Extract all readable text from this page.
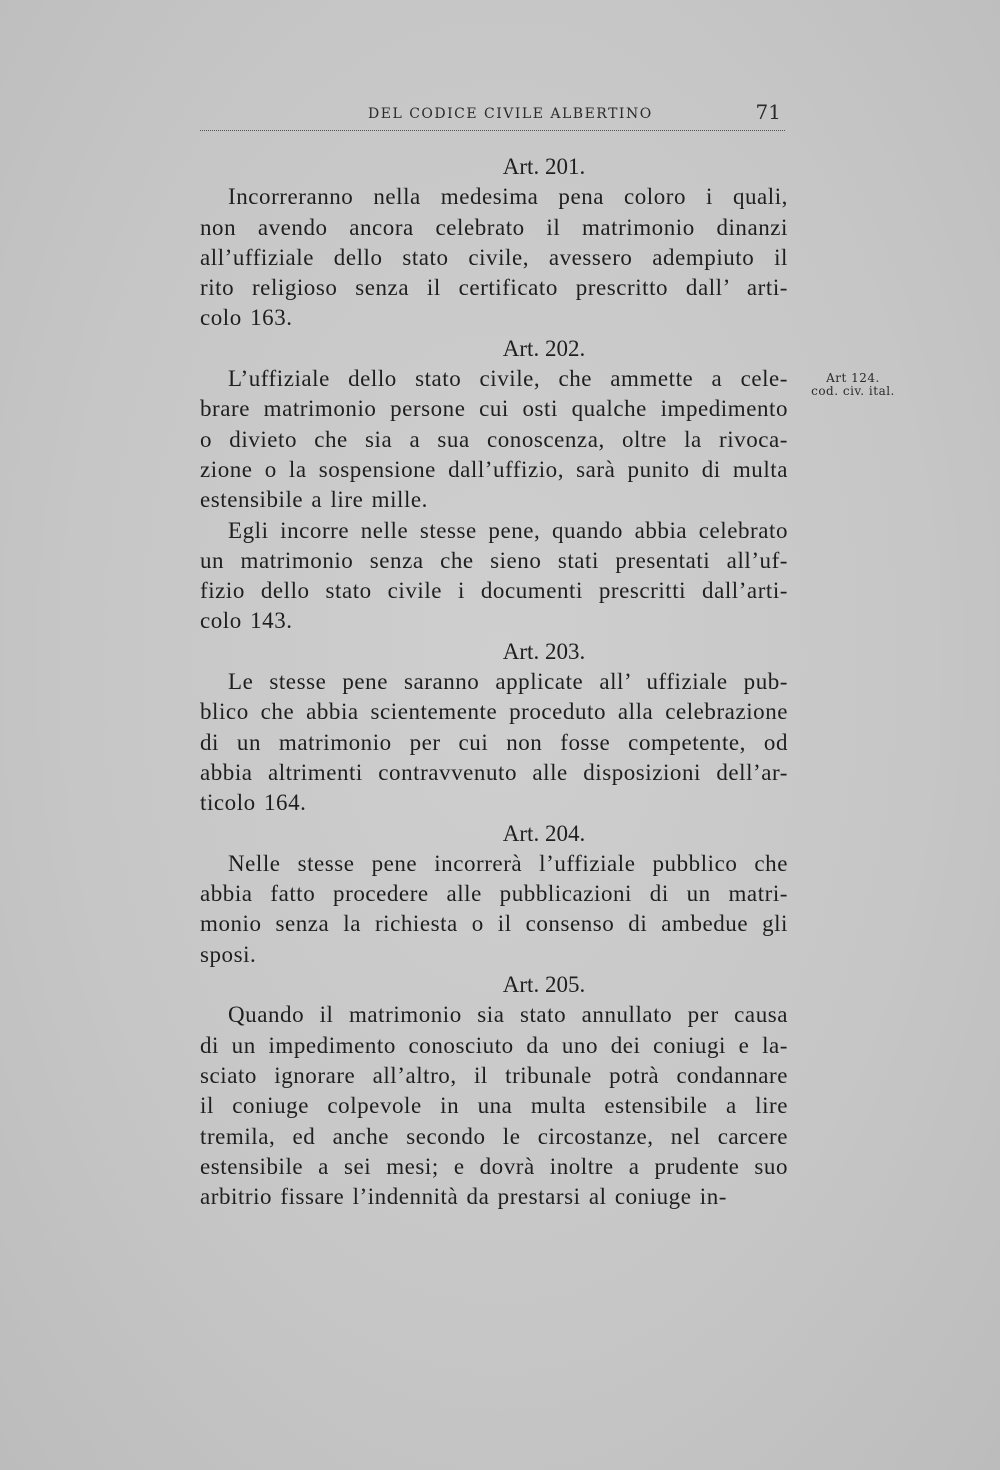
DEL CODICE CIVILE ALBERTINO	71
Art 124.
cod. civ. ital.
Art. 201.
Incorreranno nella medesima pena coloro i quali,
non avendo ancora celebrato il matrimonio dinanzi
all’uffiziale dello stato civile, avessero adempiuto il
rito religioso senza il certificato prescritto dall’ arti-
colo 163.
Art. 202.
L’uffiziale dello stato civile, che ammette a cele-
brare matrimonio persone cui osti qualche impedimento
o divieto che sia a sua conoscenza, oltre la rivoca-
zione o la sospensione dall’uffizio, sarà punito di multa
estensibile a lire mille.
Egli incorre nelle stesse pene, quando abbia celebrato
un matrimonio senza che sieno stati presentati all’uf-
fizio dello stato civile i documenti prescritti dall’arti-
colo 143.
Art. 203.
Le stesse pene saranno applicate all’ uffiziale pub-
blico che abbia scientemente proceduto alla celebrazione
di un matrimonio per cui non fosse competente, od
abbia altrimenti contravvenuto alle disposizioni dell’ar-
ticolo 164.
Art. 204.
Nelle stesse pene incorrerà l’uffiziale pubblico che
abbia fatto procedere alle pubblicazioni di un matri-
monio senza la richiesta o il consenso di ambedue gli
sposi.
Art. 205.
Quando il matrimonio sia stato annullato per causa
di un impedimento conosciuto da uno dei coniugi e la-
sciato ignorare all’altro, il tribunale potrà condannare
il coniuge colpevole in una multa estensibile a lire
tremila, ed anche secondo le circostanze, nel carcere
estensibile a sei mesi; e dovrà inoltre a prudente suo
arbitrio fissare l’indennità da prestarsi al coniuge in-
